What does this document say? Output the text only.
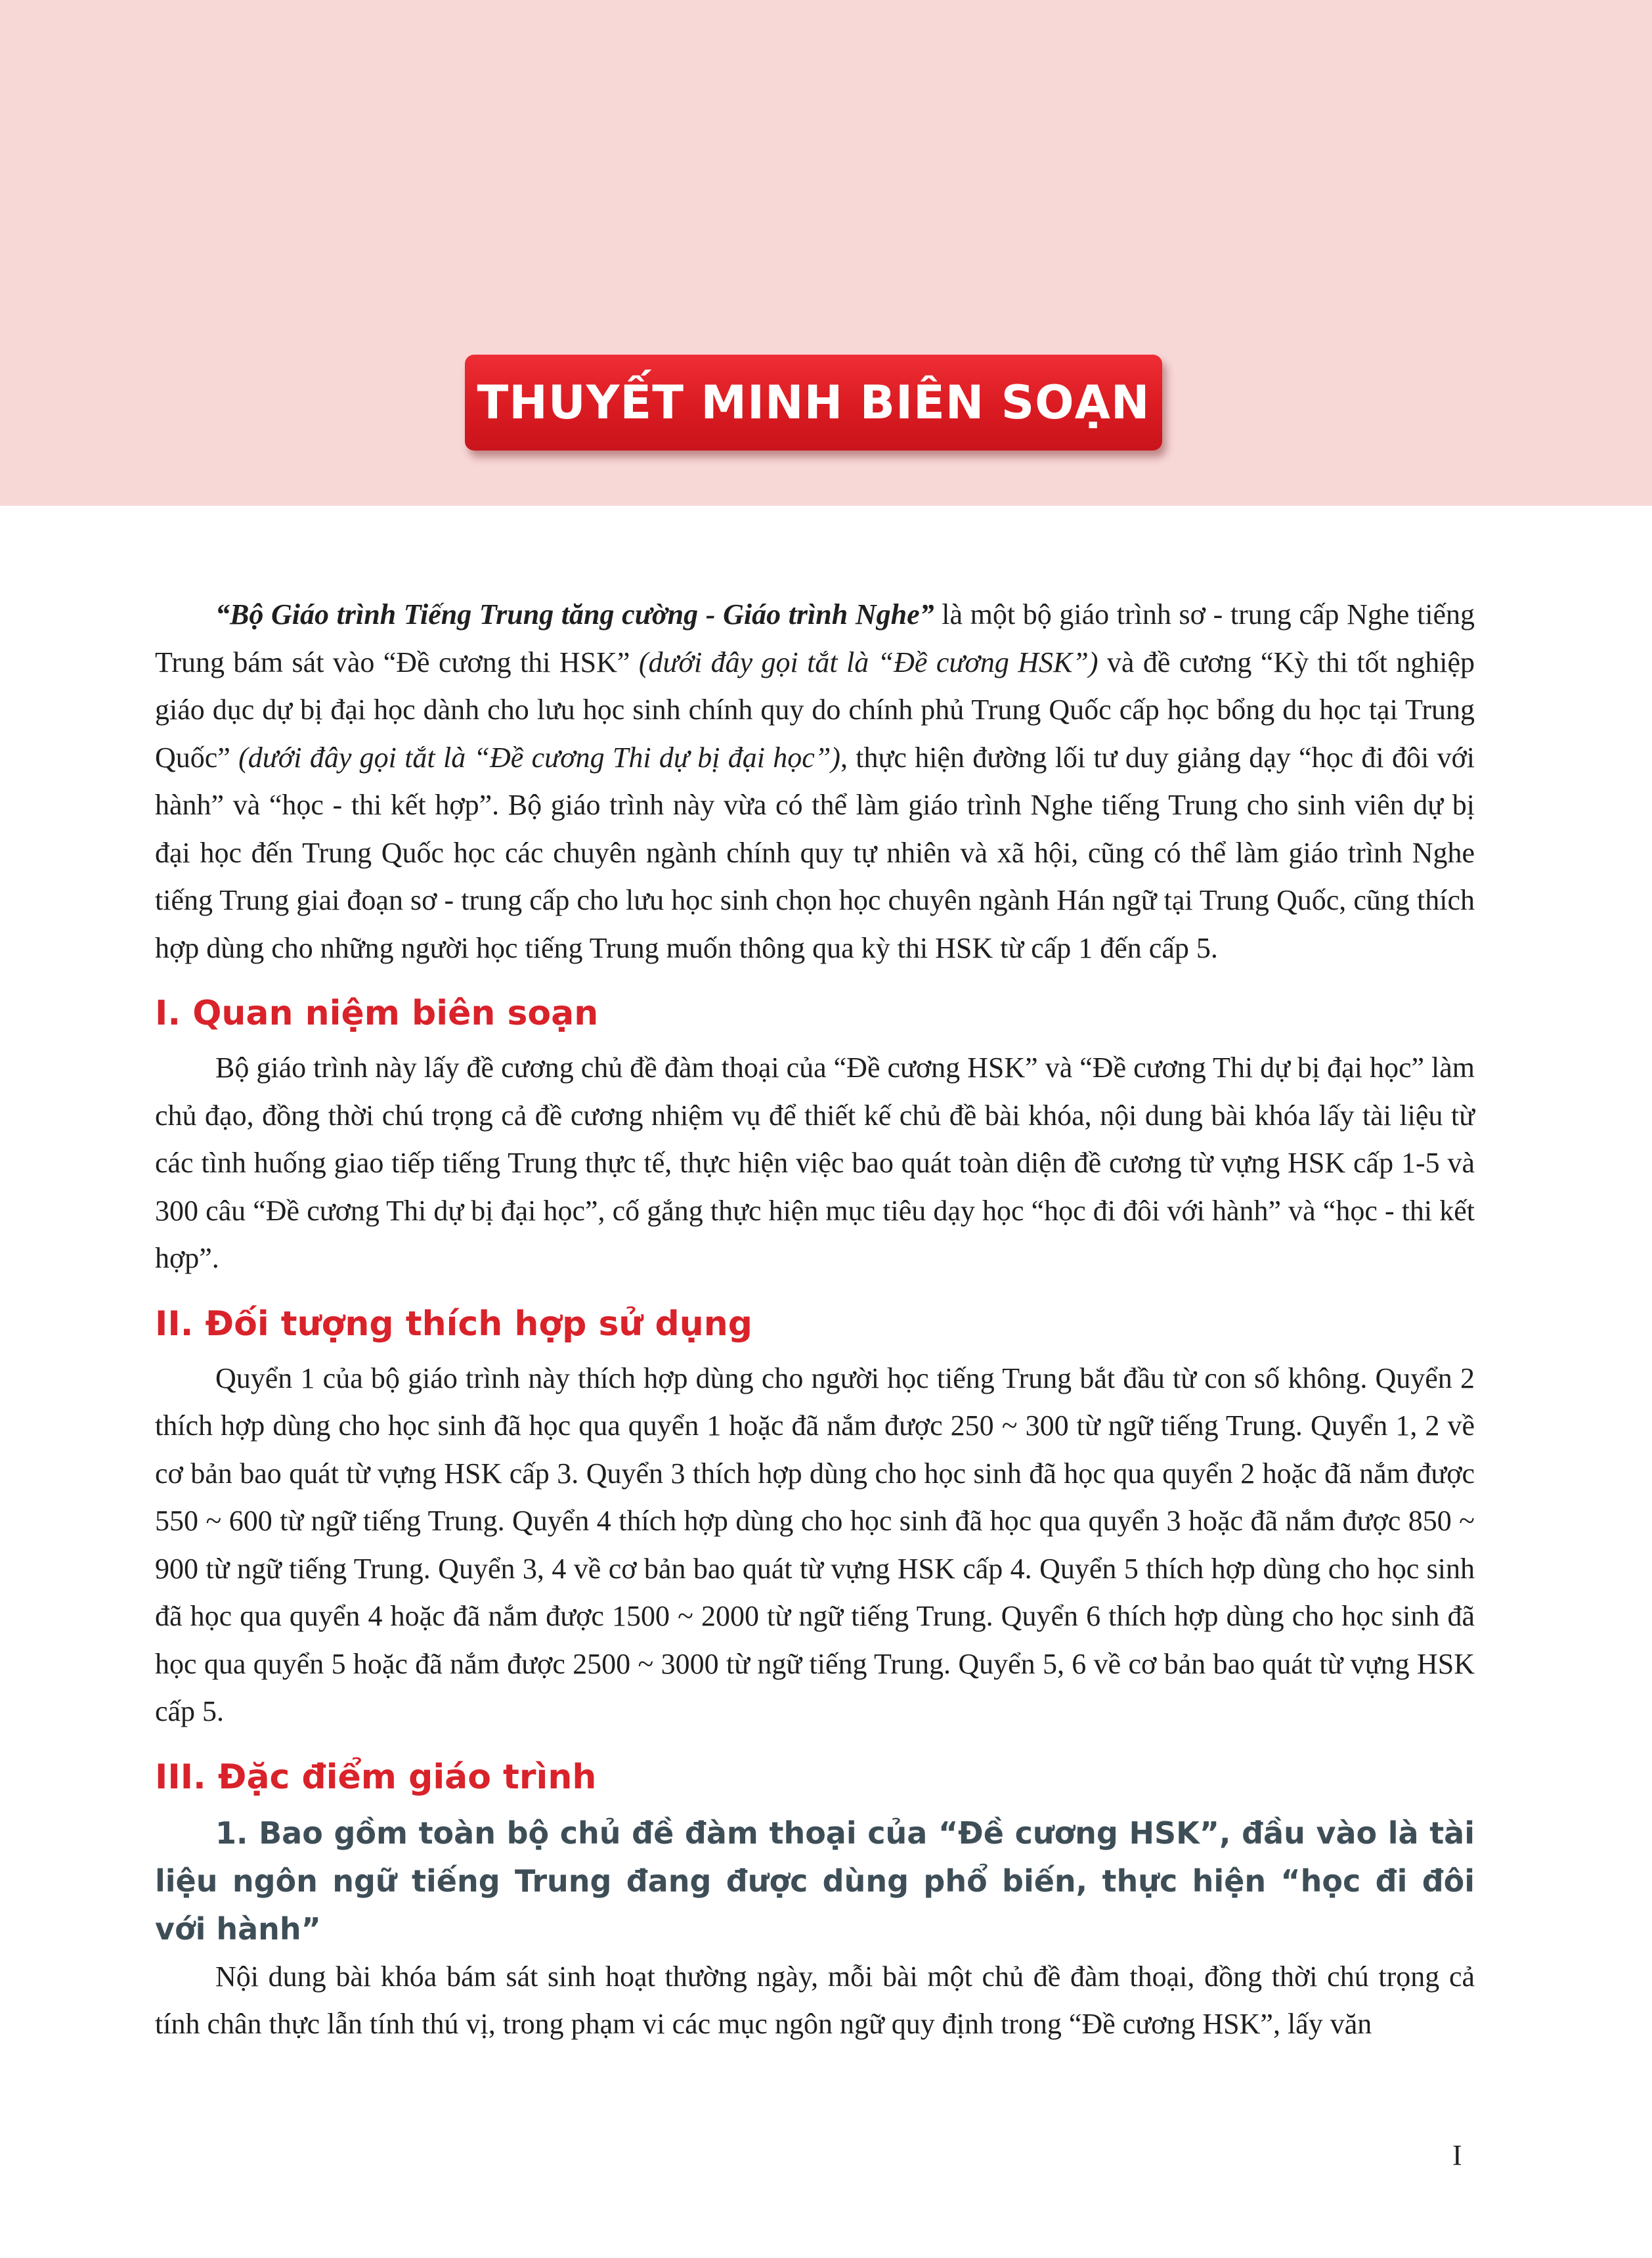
THUYẾT MINH BIÊN SOẠN

“Bộ Giáo trình Tiếng Trung tăng cường - Giáo trình Nghe” là một bộ giáo trình sơ - trung cấp Nghe tiếng Trung bám sát vào “Đề cương thi HSK” (dưới đây gọi tắt là “Đề cương HSK”) và đề cương “Kỳ thi tốt nghiệp giáo dục dự bị đại học dành cho lưu học sinh chính quy do chính phủ Trung Quốc cấp học bổng du học tại Trung Quốc” (dưới đây gọi tắt là “Đề cương Thi dự bị đại học”), thực hiện đường lối tư duy giảng dạy “học đi đôi với hành” và “học - thi kết hợp”. Bộ giáo trình này vừa có thể làm giáo trình Nghe tiếng Trung cho sinh viên dự bị đại học đến Trung Quốc học các chuyên ngành chính quy tự nhiên và xã hội, cũng có thể làm giáo trình Nghe tiếng Trung giai đoạn sơ - trung cấp cho lưu học sinh chọn học chuyên ngành Hán ngữ tại Trung Quốc, cũng thích hợp dùng cho những người học tiếng Trung muốn thông qua kỳ thi HSK từ cấp 1 đến cấp 5.

I. Quan niệm biên soạn

Bộ giáo trình này lấy đề cương chủ đề đàm thoại của “Đề cương HSK” và “Đề cương Thi dự bị đại học” làm chủ đạo, đồng thời chú trọng cả đề cương nhiệm vụ để thiết kế chủ đề bài khóa, nội dung bài khóa lấy tài liệu từ các tình huống giao tiếp tiếng Trung thực tế, thực hiện việc bao quát toàn diện đề cương từ vựng HSK cấp 1-5 và 300 câu “Đề cương Thi dự bị đại học”, cố gắng thực hiện mục tiêu dạy học “học đi đôi với hành” và “học - thi kết hợp”.

II. Đối tượng thích hợp sử dụng

Quyển 1 của bộ giáo trình này thích hợp dùng cho người học tiếng Trung bắt đầu từ con số không. Quyển 2 thích hợp dùng cho học sinh đã học qua quyển 1 hoặc đã nắm được 250 ~ 300 từ ngữ tiếng Trung. Quyển 1, 2 về cơ bản bao quát từ vựng HSK cấp 3. Quyển 3 thích hợp dùng cho học sinh đã học qua quyển 2 hoặc đã nắm được 550 ~ 600 từ ngữ tiếng Trung. Quyển 4 thích hợp dùng cho học sinh đã học qua quyển 3 hoặc đã nắm được 850 ~ 900 từ ngữ tiếng Trung. Quyển 3, 4 về cơ bản bao quát từ vựng HSK cấp 4. Quyển 5 thích hợp dùng cho học sinh đã học qua quyển 4 hoặc đã nắm được 1500 ~ 2000 từ ngữ tiếng Trung. Quyển 6 thích hợp dùng cho học sinh đã học qua quyển 5 hoặc đã nắm được 2500 ~ 3000 từ ngữ tiếng Trung. Quyển 5, 6 về cơ bản bao quát từ vựng HSK cấp 5.

III. Đặc điểm giáo trình
1. Bao gồm toàn bộ chủ đề đàm thoại của “Đề cương HSK”, đầu vào là tài liệu ngôn ngữ tiếng Trung đang được dùng phổ biến, thực hiện “học đi đôi với hành”

Nội dung bài khóa bám sát sinh hoạt thường ngày, mỗi bài một chủ đề đàm thoại, đồng thời chú trọng cả tính chân thực lẫn tính thú vị, trong phạm vi các mục ngôn ngữ quy định trong “Đề cương HSK”, lấy văn

I
